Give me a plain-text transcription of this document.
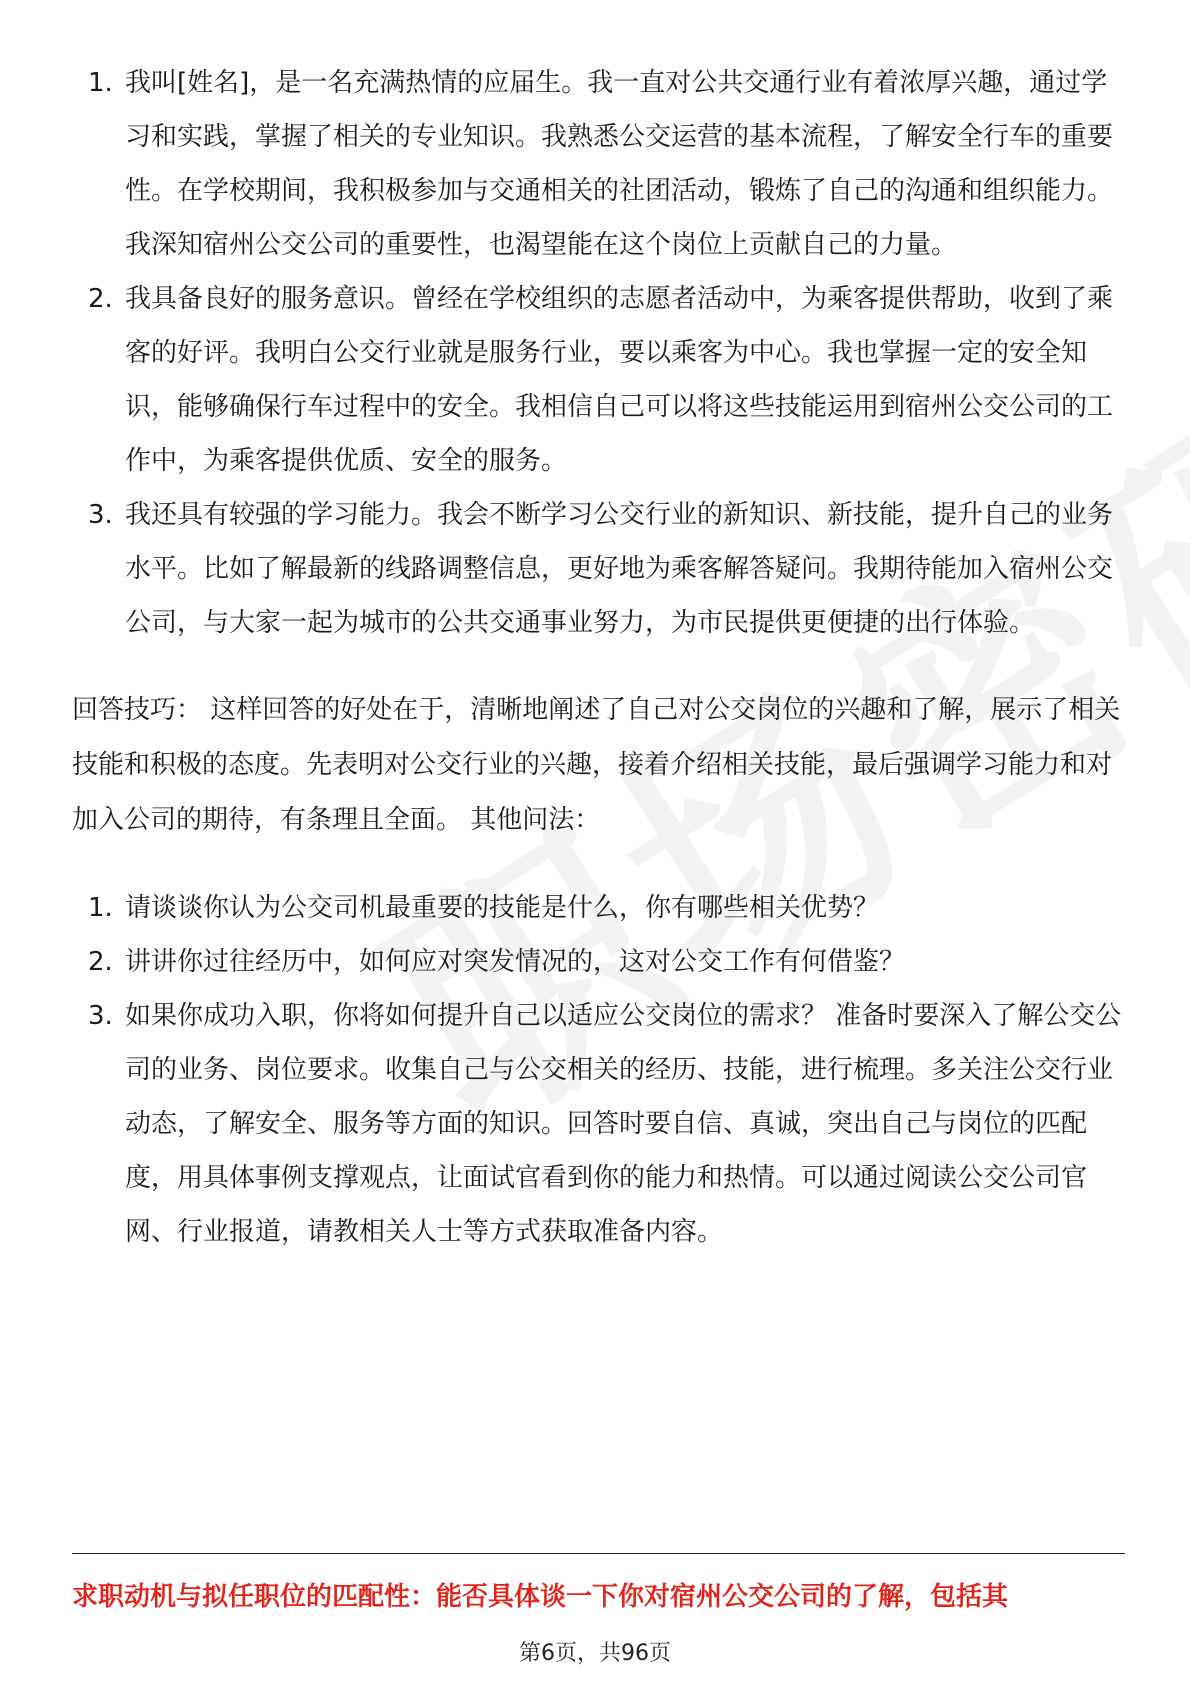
1. 我叫[姓名]，是一名充满热情的应届生。我一直对公共交通行业有着浓厚兴趣，通过学习和实践，掌握了相关的专业知识。我熟悉公交运营的基本流程，了解安全行车的重要性。在学校期间，我积极参加与交通相关的社团活动，锻炼了自己的沟通和组织能力。我深知宿州公交公司的重要性，也渴望能在这个岗位上贡献自己的力量。
2. 我具备良好的服务意识。曾经在学校组织的志愿者活动中，为乘客提供帮助，收到了乘客的好评。我明白公交行业就是服务行业，要以乘客为中心。我也掌握一定的安全知识，能够确保行车过程中的安全。我相信自己可以将这些技能运用到宿州公交公司的工作中，为乘客提供优质、安全的服务。
3. 我还具有较强的学习能力。我会不断学习公交行业的新知识、新技能，提升自己的业务水平。比如了解最新的线路调整信息，更好地为乘客解答疑问。我期待能加入宿州公交公司，与大家一起为城市的公共交通事业努力，为市民提供更便捷的出行体验。

回答技巧： 这样回答的好处在于，清晰地阐述了自己对公交岗位的兴趣和了解，展示了相关技能和积极的态度。先表明对公交行业的兴趣，接着介绍相关技能，最后强调学习能力和对加入公司的期待，有条理且全面。 其他问法：

1. 请谈谈你认为公交司机最重要的技能是什么，你有哪些相关优势？
2. 讲讲你过往经历中，如何应对突发情况的，这对公交工作有何借鉴？
3. 如果你成功入职，你将如何提升自己以适应公交岗位的需求？ 准备时要深入了解公交公司的业务、岗位要求。收集自己与公交相关的经历、技能，进行梳理。多关注公交行业动态，了解安全、服务等方面的知识。回答时要自信、真诚，突出自己与岗位的匹配度，用具体事例支撑观点，让面试官看到你的能力和热情。可以通过阅读公交公司官网、行业报道，请教相关人士等方式获取准备内容。
求职动机与拟任职位的匹配性：能否具体谈一下你对宿州公交公司的了解，包括其
第6页，共96页
